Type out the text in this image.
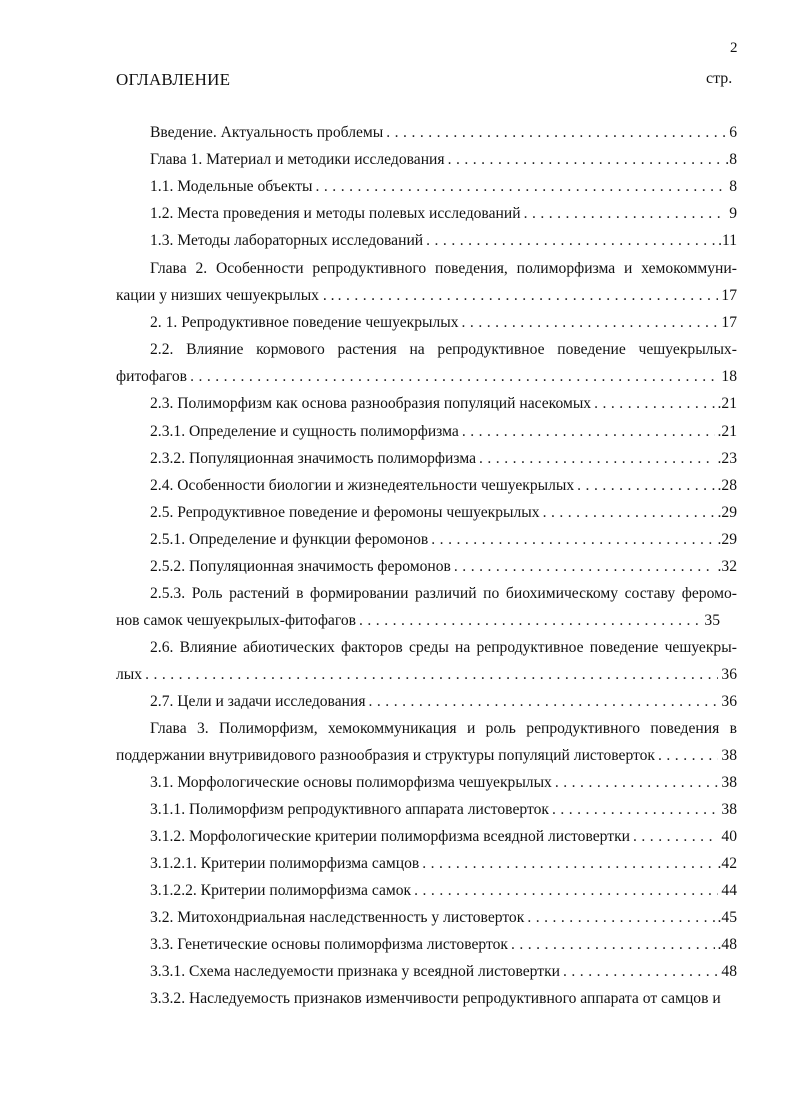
2
ОГЛАВЛЕНИЕ	стр.
Введение. Актуальность проблемы . . .	6
Глава 1. Материал и методики исследования . . .	.8
1.1. Модельные объекты . . .	8
1.2. Места проведения и методы полевых исследований . . .	9
1.3. Методы лабораторных исследований . . .	.11
Глава 2. Особенности репродуктивного поведения, полиморфизма и хемокоммуни-
кации у низших чешуекрылых . . . . .	17
2. 1. Репродуктивное поведение чешуекрылых . . .	17
2.2. Влияние кормового растения на репродуктивное поведение чешуекрылых-
фитофагов . . .	18
2.3. Полиморфизм как основа разнообразия популяций насекомых . . .	.21
2.3.1. Определение и сущность полиморфизма . . .	.21
2.3.2. Популяционная значимость полиморфизма . . .	.23
2.4. Особенности биологии и жизнедеятельности чешуекрылых . . .	.28
2.5. Репродуктивное поведение и феромоны чешуекрылых . . .	.29
2.5.1. Определение и функции феромонов . . .	.29
2.5.2. Популяционная значимость феромонов . . .	.32
2.5.3. Роль растений в формировании различий по биохимическому составу феромо-
нов самок чешуекрылых-фитофагов . . .	35
2.6. Влияние абиотических факторов среды на репродуктивное поведение чешуекры-
лых . . .	36
2.7. Цели и задачи исследования . . .	36
Глава 3. Полиморфизм, хемокоммуникация и роль репродуктивного поведения в
поддержании внутривидового разнообразия и структуры популяций листоверток . . .	38
3.1. Морфологические основы полиморфизма чешуекрылых . . .	38
3.1.1. Полиморфизм репродуктивного аппарата листоверток . . .	38
3.1.2. Морфологические критерии полиморфизма всеядной листовертки . . .	40
3.1.2.1. Критерии полиморфизма самцов . . .	.42
3.1.2.2. Критерии полиморфизма самок . . .	44
3.2. Митохондриальная наследственность у листоверток . . .	.45
3.3. Генетические основы полиморфизма листоверток . . .	.48
3.3.1. Схема наследуемости признака у всеядной листовертки . . .	48
3.3.2. Наследуемость признаков изменчивости репродуктивного аппарата от самцов и
